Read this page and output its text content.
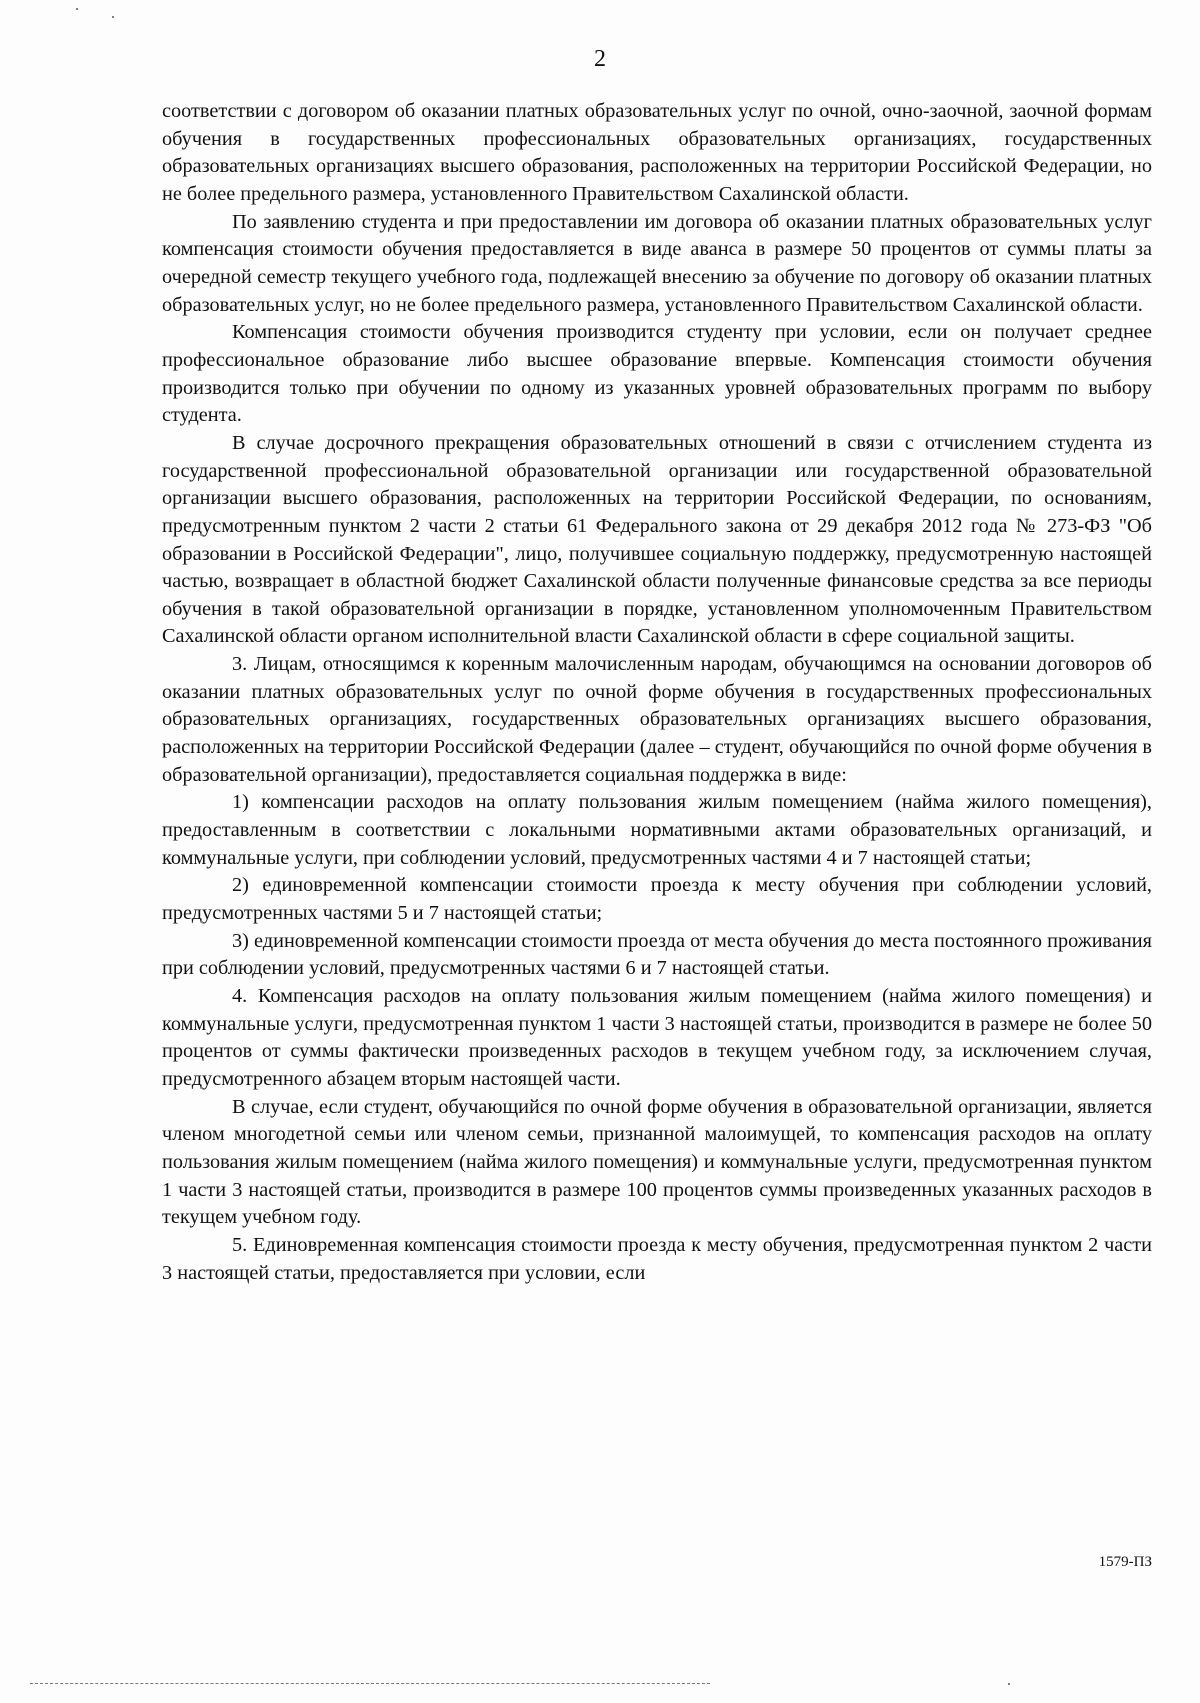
2

соответствии с договором об оказании платных образовательных услуг по очной, очно-заочной, заочной формам обучения в государственных профессиональных образовательных организациях, государственных образовательных организациях высшего образования, расположенных на территории Российской Федерации, но не более предельного размера, установленного Правительством Сахалинской области.

По заявлению студента и при предоставлении им договора об оказании платных образовательных услуг компенсация стоимости обучения предоставляется в виде аванса в размере 50 процентов от суммы платы за очередной семестр текущего учебного года, подлежащей внесению за обучение по договору об оказании платных образовательных услуг, но не более предельного размера, установленного Правительством Сахалинской области.

Компенсация стоимости обучения производится студенту при условии, если он получает среднее профессиональное образование либо высшее образование впервые. Компенсация стоимости обучения производится только при обучении по одному из указанных уровней образовательных программ по выбору студента.

В случае досрочного прекращения образовательных отношений в связи с отчислением студента из государственной профессиональной образовательной организации или государственной образовательной организации высшего образования, расположенных на территории Российской Федерации, по основаниям, предусмотренным пунктом 2 части 2 статьи 61 Федерального закона от 29 декабря 2012 года № 273-ФЗ "Об образовании в Российской Федерации", лицо, получившее социальную поддержку, предусмотренную настоящей частью, возвращает в областной бюджет Сахалинской области полученные финансовые средства за все периоды обучения в такой образовательной организации в порядке, установленном уполномоченным Правительством Сахалинской области органом исполнительной власти Сахалинской области в сфере социальной защиты.

3. Лицам, относящимся к коренным малочисленным народам, обучающимся на основании договоров об оказании платных образовательных услуг по очной форме обучения в государственных профессиональных образовательных организациях, государственных образовательных организациях высшего образования, расположенных на территории Российской Федерации (далее – студент, обучающийся по очной форме обучения в образовательной организации), предоставляется социальная поддержка в виде:

1) компенсации расходов на оплату пользования жилым помещением (найма жилого помещения), предоставленным в соответствии с локальными нормативными актами образовательных организаций, и коммунальные услуги, при соблюдении условий, предусмотренных частями 4 и 7 настоящей статьи;

2) единовременной компенсации стоимости проезда к месту обучения при соблюдении условий, предусмотренных частями 5 и 7 настоящей статьи;

3) единовременной компенсации стоимости проезда от места обучения до места постоянного проживания при соблюдении условий, предусмотренных частями 6 и 7 настоящей статьи.

4. Компенсация расходов на оплату пользования жилым помещением (найма жилого помещения) и коммунальные услуги, предусмотренная пунктом 1 части 3 настоящей статьи, производится в размере не более 50 процентов от суммы фактически произведенных расходов в текущем учебном году, за исключением случая, предусмотренного абзацем вторым настоящей части.

В случае, если студент, обучающийся по очной форме обучения в образовательной организации, является членом многодетной семьи или членом семьи, признанной малоимущей, то компенсация расходов на оплату пользования жилым помещением (найма жилого помещения) и коммунальные услуги, предусмотренная пунктом 1 части 3 настоящей статьи, производится в размере 100 процентов суммы произведенных указанных расходов в текущем учебном году.

5. Единовременная компенсация стоимости проезда к месту обучения, предусмотренная пунктом 2 части 3 настоящей статьи, предоставляется при условии, если

1579-ПЗ
